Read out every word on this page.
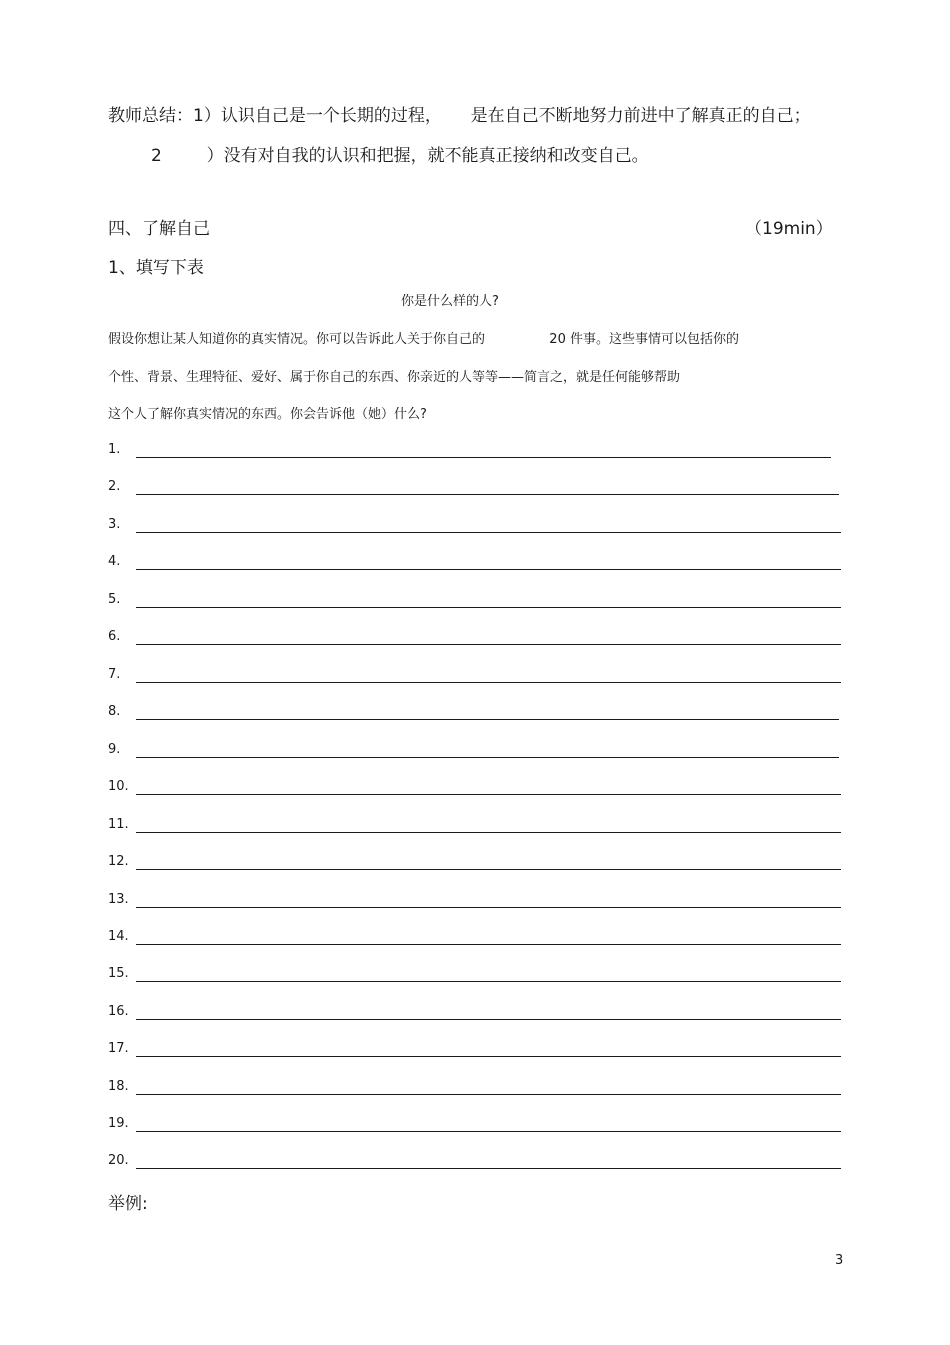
教师总结：1）认识自己是一个长期的过程， 是在自己不断地努力前进中了解真正的自己；
2	）没有对自我的认识和把握，就不能真正接纳和改变自己。
四、了解自己	（19min）
1、填写下表
你是什么样的人?
假设你想让某人知道你的真实情况。你可以告诉此人关于你自己的	20 件事。这些事情可以包括你的
个性、背景、生理特征、爱好、属于你自己的东西、你亲近的人等等——简言之，就是任何能够帮助
这个人了解你真实情况的东西。你会告诉他（她）什么?
1.
2.
3.
4.
5.
6.
7.
8.
9.
10.
11.
12.
13.
14.
15.
16.
17.
18.
19.
20.
举例:
3
